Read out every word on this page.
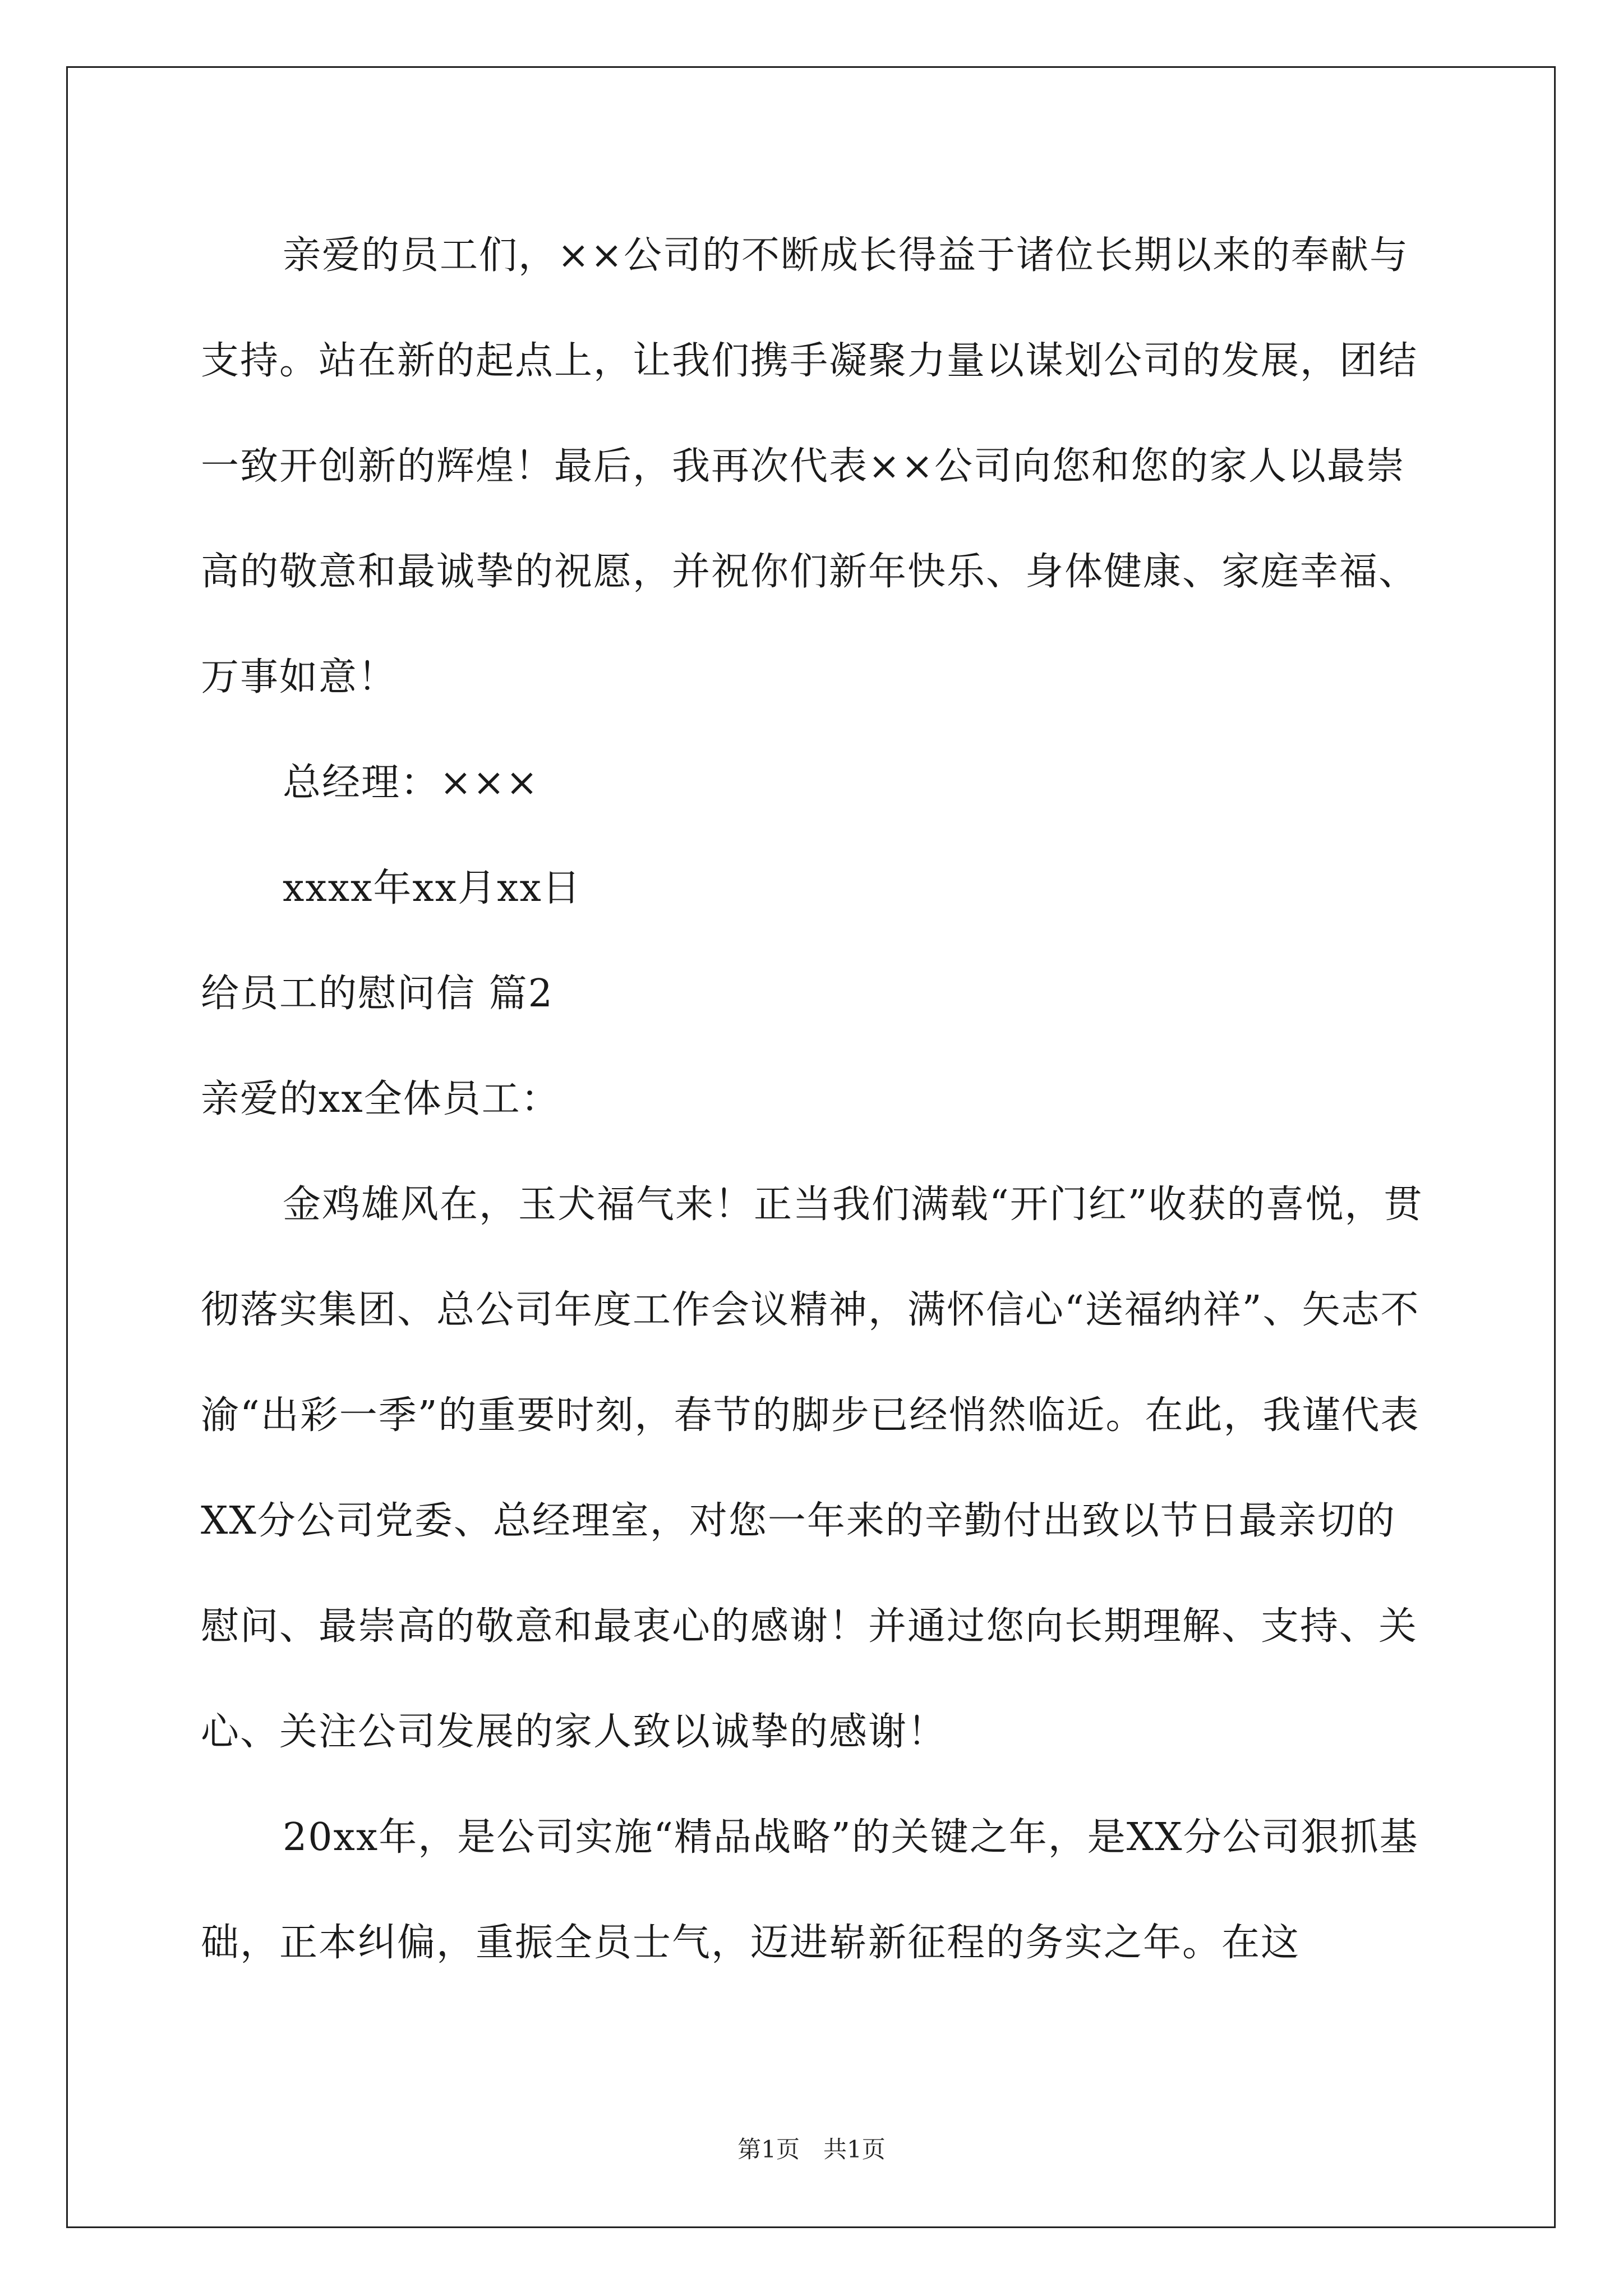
亲爱的员工们，××公司的不断成长得益于诸位长期以来的奉献与支持。站在新的起点上，让我们携手凝聚力量以谋划公司的发展，团结一致开创新的辉煌！最后，我再次代表××公司向您和您的家人以最崇高的敬意和最诚挚的祝愿，并祝你们新年快乐、身体健康、家庭幸福、万事如意！

总经理：×××

xxxx年xx月xx日

给员工的慰问信 篇2

亲爱的xx全体员工：

金鸡雄风在，玉犬福气来！正当我们满载“开门红”收获的喜悦，贯彻落实集团、总公司年度工作会议精神，满怀信心“送福纳祥”、矢志不渝“出彩一季”的重要时刻，春节的脚步已经悄然临近。在此，我谨代表XX分公司党委、总经理室，对您一年来的辛勤付出致以节日最亲切的慰问、最崇高的敬意和最衷心的感谢！并通过您向长期理解、支持、关心、关注公司发展的家人致以诚挚的感谢！

20xx年，是公司实施“精品战略”的关键之年，是XX分公司狠抓基础，正本纠偏，重振全员士气，迈进崭新征程的务实之年。在这

第1页　共1页
